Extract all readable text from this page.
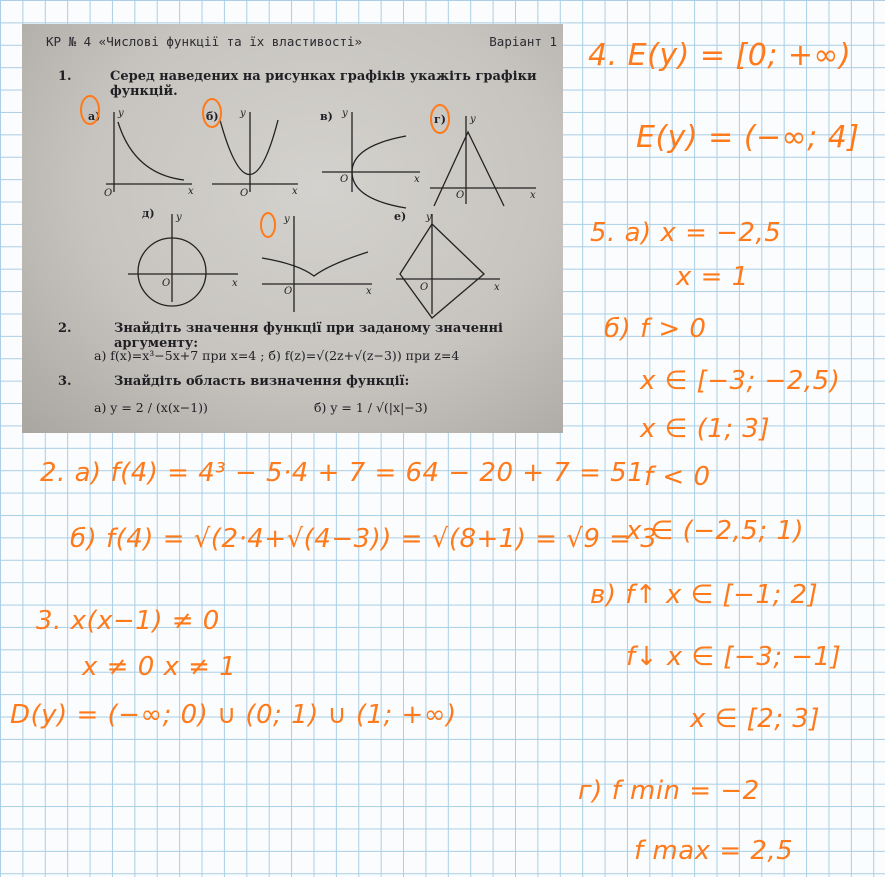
КР № 4 «Числові функції та їх властивості»	Варіант 1
1.	Серед наведених на рисунках графіків укажіть графіки
функцій.
а)	б)	в)	г)
д)	е)
y
x
O
y
x
O
y
x
O
y
x
O
y
x
O
y
x
O
y
x
O
2.	Знайдіть значення функції при заданому значенні аргументу:
а) f(x)=x³−5x+7 при x=4 ; б) f(z)=√(2z+√(z−3)) при z=4
3.	Знайдіть область визначення функції:
а) y = 2 / (x(x−1))	б) y = 1 / √(|x|−3)
2. а) f(4) = 4³ − 5·4 + 7 = 64 − 20 + 7 = 51
б) f(4) = √(2·4+√(4−3)) = √(8+1) = √9 = 3
3. x(x−1) ≠ 0
x ≠ 0 x ≠ 1
D(y) = (−∞; 0) ∪ (0; 1) ∪ (1; +∞)
4. E(y) = [0; +∞)
E(y) = (−∞; 4]
5. а) x = −2,5
x = 1
б) f > 0
x ∈ [−3; −2,5)
x ∈ (1; 3]
f < 0
x ∈ (−2,5; 1)
в) f↑ x ∈ [−1; 2]
f↓ x ∈ [−3; −1]
x ∈ [2; 3]
г) f min = −2
f max = 2,5
